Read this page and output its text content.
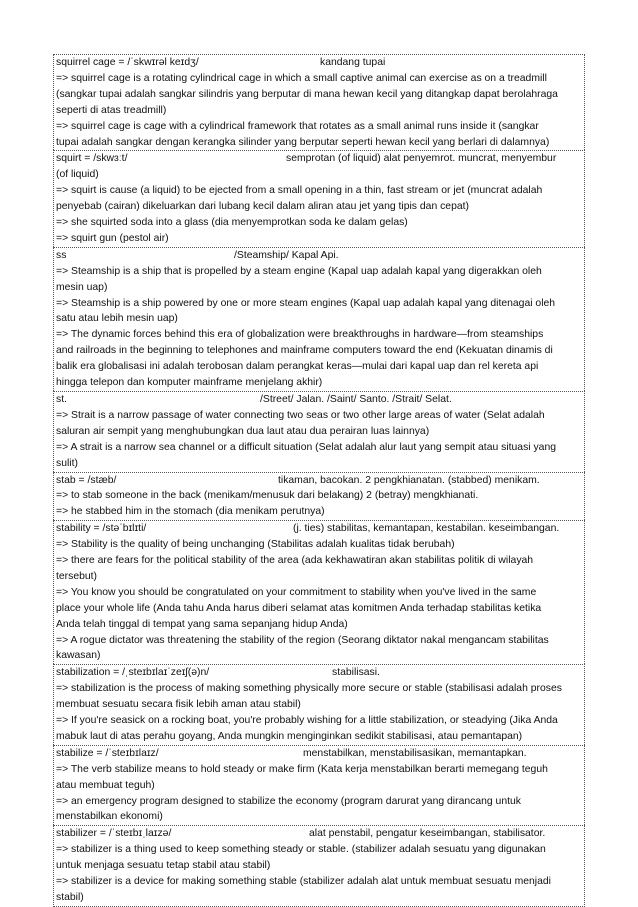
squirrel cage = /ˈskwɪrəl keɪdʒ/	kandang tupai
=> squirrel cage is a rotating cylindrical cage in which a small captive animal can exercise as on a treadmill
(sangkar tupai adalah sangkar silindris yang berputar di mana hewan kecil yang ditangkap dapat berolahraga
seperti di atas treadmill)
=> squirrel cage is cage with a cylindrical framework that rotates as a small animal runs inside it (sangkar
tupai adalah sangkar dengan kerangka silinder yang berputar seperti hewan kecil yang berlari di dalamnya)
squirt = /skwɜːt/	semprotan (of liquid) alat penyemrot. muncrat, menyembur
(of liquid)
=> squirt is cause (a liquid) to be ejected from a small opening in a thin, fast stream or jet (muncrat adalah
penyebab (cairan) dikeluarkan dari lubang kecil dalam aliran atau jet yang tipis dan cepat)
=> she squirted soda into a glass (dia menyemprotkan soda ke dalam gelas)
=> squirt gun (pestol air)
ss	/Steamship/ Kapal Api.
=> Steamship is a ship that is propelled by a steam engine (Kapal uap adalah kapal yang digerakkan oleh
mesin uap)
=> Steamship is a ship powered by one or more steam engines (Kapal uap adalah kapal yang ditenagai oleh
satu atau lebih mesin uap)
=> The dynamic forces behind this era of globalization were breakthroughs in hardware—from steamships
and railroads in the beginning to telephones and mainframe computers toward the end (Kekuatan dinamis di
balik era globalisasi ini adalah terobosan dalam perangkat keras—mulai dari kapal uap dan rel kereta api
hingga telepon dan komputer mainframe menjelang akhir)
st.	/Street/ Jalan. /Saint/ Santo. /Strait/ Selat.
=> Strait is a narrow passage of water connecting two seas or two other large areas of water (Selat adalah
saluran air sempit yang menghubungkan dua laut atau dua perairan luas lainnya)
=> A strait is a narrow sea channel or a difficult situation (Selat adalah alur laut yang sempit atau situasi yang
sulit)
stab = /stæb/	tikaman, bacokan. 2 pengkhianatan. (stabbed) menikam.
=> to stab someone in the back (menikam/menusuk dari belakang) 2 (betray) mengkhianati.
=> he stabbed him in the stomach (dia menikam perutnya)
stability = /stəˈbɪlɪti/	(j. ties) stabilitas, kemantapan, kestabilan. keseimbangan.
=> Stability is the quality of being unchanging (Stabilitas adalah kualitas tidak berubah)
=> there are fears for the political stability of the area (ada kekhawatiran akan stabilitas politik di wilayah
tersebut)
=> You know you should be congratulated on your commitment to stability when you've lived in the same
place your whole life (Anda tahu Anda harus diberi selamat atas komitmen Anda terhadap stabilitas ketika
Anda telah tinggal di tempat yang sama sepanjang hidup Anda)
=> A rogue dictator was threatening the stability of the region (Seorang diktator nakal mengancam stabilitas
kawasan)
stabilization = /ˌsteɪbɪlaɪˈzeɪʃ(ə)n/	stabilisasi.
=> stabilization is the process of making something physically more secure or stable (stabilisasi adalah proses
membuat sesuatu secara fisik lebih aman atau stabil)
=> If you're seasick on a rocking boat, you're probably wishing for a little stabilization, or steadying (Jika Anda
mabuk laut di atas perahu goyang, Anda mungkin menginginkan sedikit stabilisasi, atau pemantapan)
stabilize = /ˈsteɪbɪlaɪz/	menstabilkan, menstabilisasikan, memantapkan.
=> The verb stabilize means to hold steady or make firm (Kata kerja menstabilkan berarti memegang teguh
atau membuat teguh)
=> an emergency program designed to stabilize the economy (program darurat yang dirancang untuk
menstabilkan ekonomi)
stabilizer = /ˈsteɪbɪˌlaɪzə/	alat penstabil, pengatur keseimbangan, stabilisator.
=> stabilizer is a thing used to keep something steady or stable. (stabilizer adalah sesuatu yang digunakan
untuk menjaga sesuatu tetap stabil atau stabil)
=> stabilizer is a device for making something stable (stabilizer adalah alat untuk membuat sesuatu menjadi
stabil)
